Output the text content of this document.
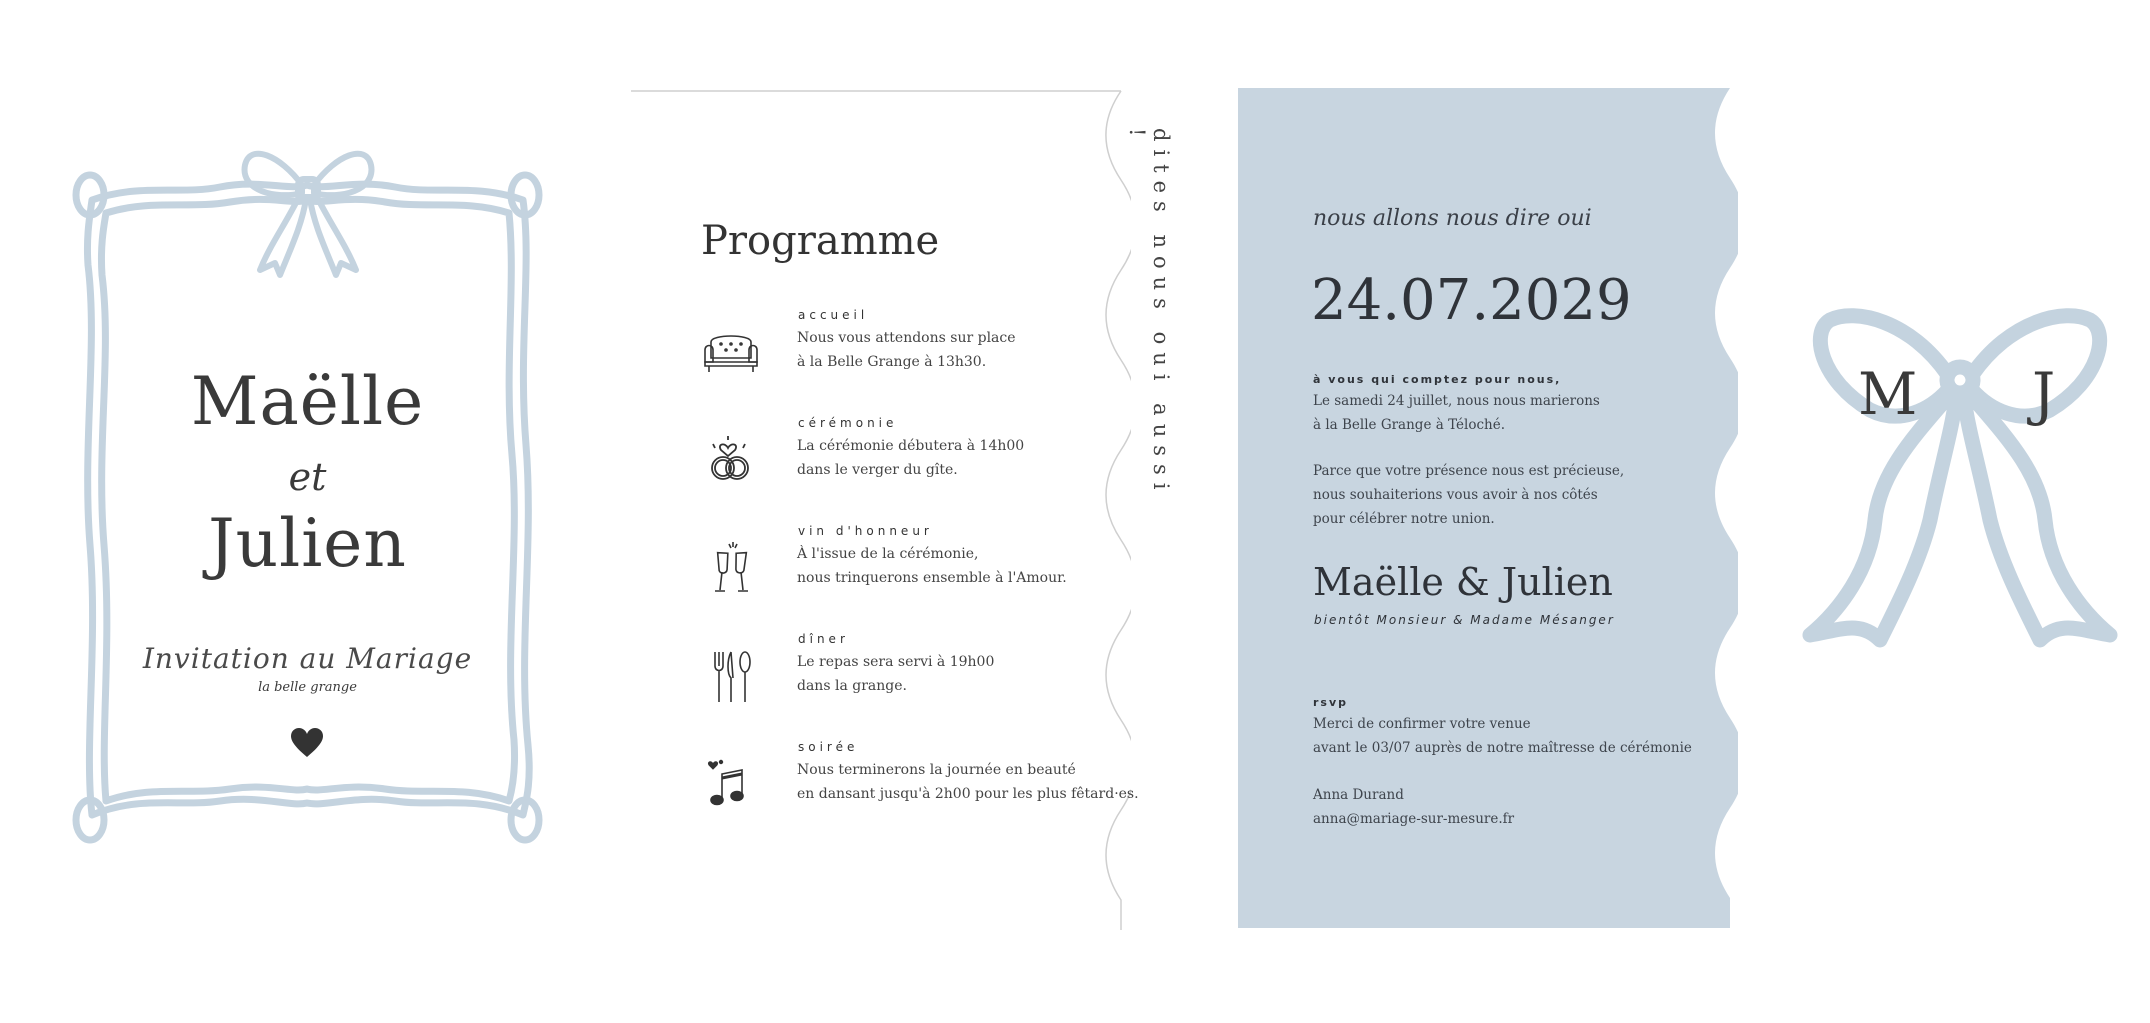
Maëlle
et
Julien
Invitation au Mariage
la belle grange
Programme
accueil
Nous vous attendons sur place
à la Belle Grange à 13h30.
cérémonie
La cérémonie débutera à 14h00
dans le verger du gîte.
vin d'honneur
À l'issue de la cérémonie,
nous trinquerons ensemble à l'Amour.
dîner
Le repas sera servi à 19h00
dans la grange.
soirée
Nous terminerons la journée en beauté
en dansant jusqu'à 2h00 pour les plus fêtard·es.
dites nous oui aussi !
nous allons nous dire oui
24.07.2029
à vous qui comptez pour nous,
Le samedi 24 juillet, nous nous marierons
à la Belle Grange à Téloché.
Parce que votre présence nous est précieuse,
nous souhaiterions vous avoir à nos côtés
pour célébrer notre union.
Maëlle & Julien
bientôt Monsieur & Madame Mésanger
rsvp
Merci de confirmer votre venue
avant le 03/07 auprès de notre maîtresse de cérémonie
Anna Durand
anna@mariage-sur-mesure.fr
M J
